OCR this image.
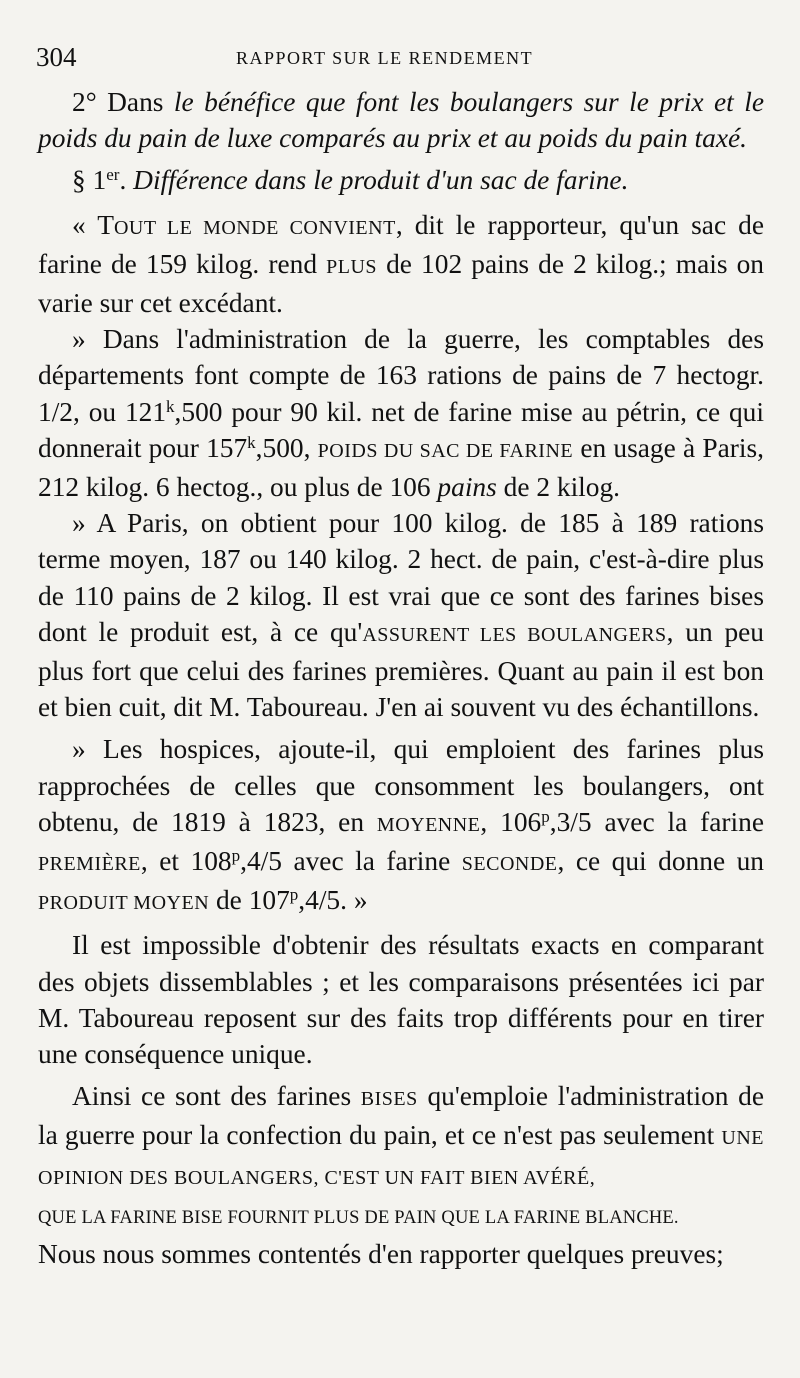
304	RAPPORT SUR LE RENDEMENT

2° Dans le bénéfice que font les boulangers sur le prix et le poids du pain de luxe comparés au prix et au poids du pain taxé.

§ 1er. Différence dans le produit d'un sac de farine.

« TOUT LE MONDE CONVIENT, dit le rapporteur, qu'un sac de farine de 159 kilog. rend PLUS de 102 pains de 2 kilog.; mais on varie sur cet excédant.

» Dans l'administration de la guerre, les comptables des départements font compte de 163 rations de pains de 7 hectogr. 1/2, ou 121$^k$,500 pour 90 kil. net de farine mise au pétrin, ce qui donnerait pour 157$^k$,500, POIDS DU SAC DE FARINE en usage à Paris, 212 kilog. 6 hectog., ou plus de 106 pains de 2 kilog.

» A Paris, on obtient pour 100 kilog. de 185 à 189 rations terme moyen, 187 ou 140 kilog. 2 hect. de pain, c'est-à-dire plus de 110 pains de 2 kilog. Il est vrai que ce sont des farines bises dont le produit est, à ce qu'ASSURENT LES BOULANGERS, un peu plus fort que celui des farines premières. Quant au pain il est bon et bien cuit, dit M. Taboureau. J'en ai souvent vu des échantillons.

» Les hospices, ajoute-il, qui emploient des farines plus rapprochées de celles que consomment les boulangers, ont obtenu, de 1819 à 1823, en MOYENNE, 106$^p$,3/5 avec la farine PREMIÈRE, et 108$^p$,4/5 avec la farine SECONDE, ce qui donne un PRODUIT MOYEN de 107$^p$,4/5. »

Il est impossible d'obtenir des résultats exacts en comparant des objets dissemblables ; et les comparaisons présentées ici par M. Taboureau reposent sur des faits trop différents pour en tirer une conséquence unique.

Ainsi ce sont des farines BISES qu'emploie l'administration de la guerre pour la confection du pain, et ce n'est pas seulement UNE OPINION DES BOULANGERS, C'EST UN FAIT BIEN AVÉRÉ,
QUE LA FARINE BISE FOURNIT PLUS DE PAIN QUE LA FARINE BLANCHE.
Nous nous sommes contentés d'en rapporter quelques preuves;
